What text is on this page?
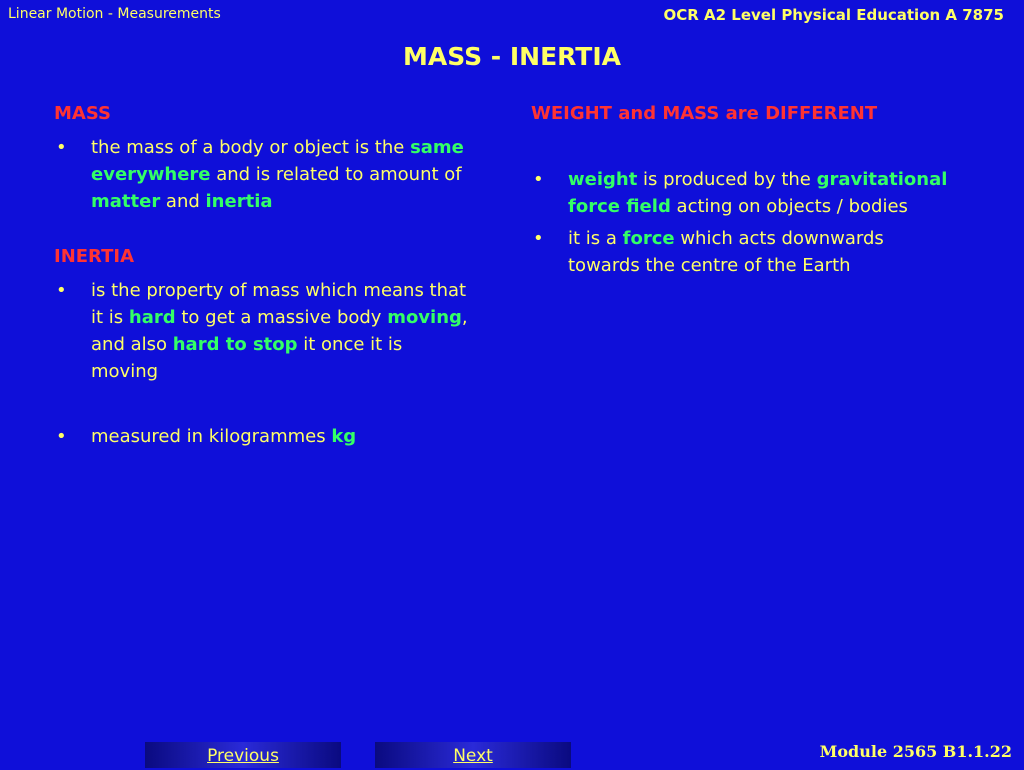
Linear Motion - Measurements	OCR A2 Level Physical Education A 7875
MASS - INERTIA

MASS

• the mass of a body or object is the same everywhere and is related to amount of matter and inertia

INERTIA

• is the property of mass which means that it is hard to get a massive body moving, and also hard to stop it once it is moving
• measured in kilogrammes kg

WEIGHT and MASS are DIFFERENT

• weight is produced by the gravitational force field acting on objects / bodies
• it is a force which acts downwards towards the centre of the Earth
Previous	Next	Module 2565 B1.1.22
